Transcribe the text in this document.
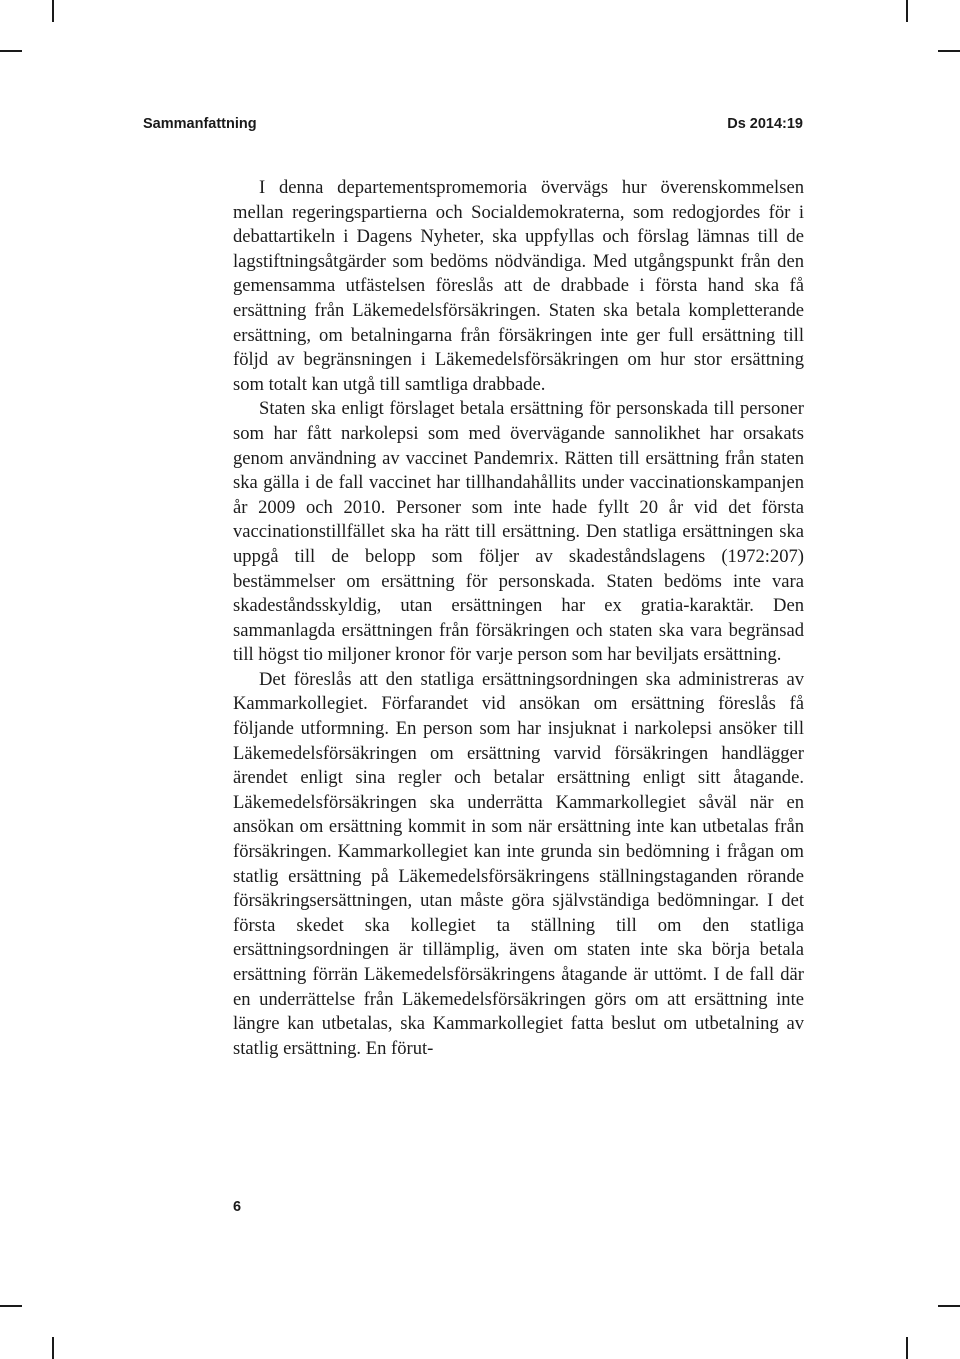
Sammanfattning	Ds 2014:19

I denna departementspromemoria övervägs hur överenskommelsen mellan regeringspartierna och Socialdemokraterna, som redogjordes för i debattartikeln i Dagens Nyheter, ska uppfyllas och förslag lämnas till de lagstiftningsåtgärder som bedöms nödvändiga. Med utgångspunkt från den gemensamma utfästelsen föreslås att de drabbade i första hand ska få ersättning från Läkemedelsförsäkringen. Staten ska betala kompletterande ersättning, om betalningarna från försäkringen inte ger full ersättning till följd av begränsningen i Läkemedelsförsäkringen om hur stor ersättning som totalt kan utgå till samtliga drabbade.

Staten ska enligt förslaget betala ersättning för personskada till personer som har fått narkolepsi som med övervägande sannolikhet har orsakats genom användning av vaccinet Pandemrix. Rätten till ersättning från staten ska gälla i de fall vaccinet har tillhandahållits under vaccinationskampanjen år 2009 och 2010. Personer som inte hade fyllt 20 år vid det första vaccinationstillfället ska ha rätt till ersättning. Den statliga ersättningen ska uppgå till de belopp som följer av skadeståndslagens (1972:207) bestämmelser om ersättning för personskada. Staten bedöms inte vara skadeståndsskyldig, utan ersättningen har ex gratia-karaktär. Den sammanlagda ersättningen från försäkringen och staten ska vara begränsad till högst tio miljoner kronor för varje person som har beviljats ersättning.

Det föreslås att den statliga ersättningsordningen ska administreras av Kammarkollegiet. Förfarandet vid ansökan om ersättning föreslås få följande utformning. En person som har insjuknat i narkolepsi ansöker till Läkemedelsförsäkringen om ersättning varvid försäkringen handlägger ärendet enligt sina regler och betalar ersättning enligt sitt åtagande. Läkemedelsförsäkringen ska underrätta Kammarkollegiet såväl när en ansökan om ersättning kommit in som när ersättning inte kan utbetalas från försäkringen. Kammarkollegiet kan inte grunda sin bedömning i frågan om statlig ersättning på Läkemedelsförsäkringens ställningstaganden rörande försäkringsersättningen, utan måste göra självständiga bedömningar. I det första skedet ska kollegiet ta ställning till om den statliga ersättningsordningen är tillämplig, även om staten inte ska börja betala ersättning förrän Läkemedelsförsäkringens åtagande är uttömt. I de fall där en underrättelse från Läkemedelsförsäkringen görs om att ersättning inte längre kan utbetalas, ska Kammarkollegiet fatta beslut om utbetalning av statlig ersättning. En förut-

6
